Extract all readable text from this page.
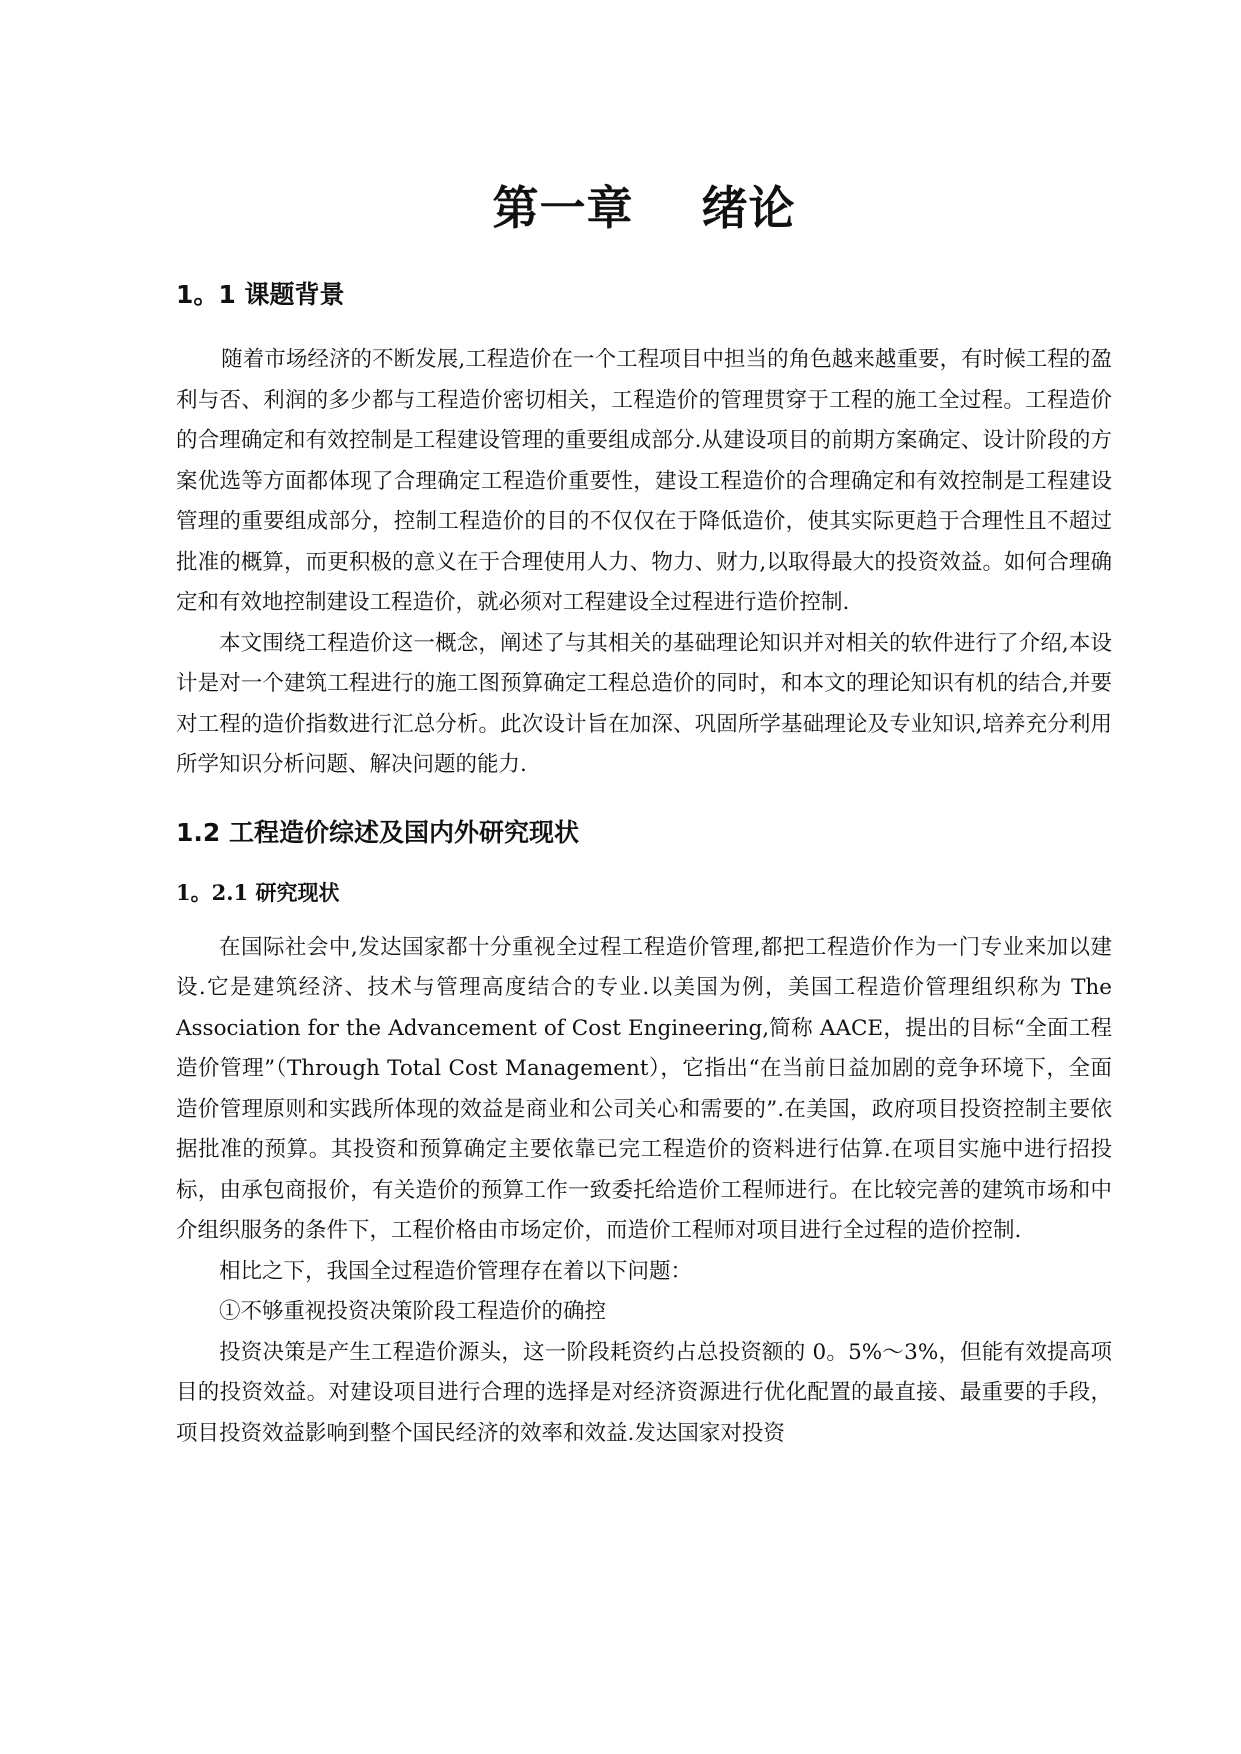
第一章    绪论
1。1 课题背景

随着市场经济的不断发展,工程造价在一个工程项目中担当的角色越来越重要，有时候工程的盈利与否、利润的多少都与工程造价密切相关，工程造价的管理贯穿于工程的施工全过程。工程造价的合理确定和有效控制是工程建设管理的重要组成部分.从建设项目的前期方案确定、设计阶段的方案优选等方面都体现了合理确定工程造价重要性，建设工程造价的合理确定和有效控制是工程建设管理的重要组成部分，控制工程造价的目的不仅仅在于降低造价，使其实际更趋于合理性且不超过批准的概算，而更积极的意义在于合理使用人力、物力、财力,以取得最大的投资效益。如何合理确定和有效地控制建设工程造价，就必须对工程建设全过程进行造价控制.

本文围绕工程造价这一概念，阐述了与其相关的基础理论知识并对相关的软件进行了介绍,本设计是对一个建筑工程进行的施工图预算确定工程总造价的同时，和本文的理论知识有机的结合,并要对工程的造价指数进行汇总分析。此次设计旨在加深、巩固所学基础理论及专业知识,培养充分利用所学知识分析问题、解决问题的能力.

1.2 工程造价综述及国内外研究现状
1。2.1 研究现状

在国际社会中,发达国家都十分重视全过程工程造价管理,都把工程造价作为一门专业来加以建设.它是建筑经济、技术与管理高度结合的专业.以美国为例，美国工程造价管理组织称为 The Association for the Advancement of Cost Engineering,简称 AACE，提出的目标“全面工程造价管理”（Through Total Cost Management），它指出“在当前日益加剧的竞争环境下，全面造价管理原则和实践所体现的效益是商业和公司关心和需要的”.在美国，政府项目投资控制主要依据批准的预算。其投资和预算确定主要依靠已完工程造价的资料进行估算.在项目实施中进行招投标，由承包商报价，有关造价的预算工作一致委托给造价工程师进行。在比较完善的建筑市场和中介组织服务的条件下，工程价格由市场定价，而造价工程师对项目进行全过程的造价控制.

相比之下，我国全过程造价管理存在着以下问题：

①不够重视投资决策阶段工程造价的确控

投资决策是产生工程造价源头，这一阶段耗资约占总投资额的 0。5%～3%，但能有效提高项目的投资效益。对建设项目进行合理的选择是对经济资源进行优化配置的最直接、最重要的手段，项目投资效益影响到整个国民经济的效率和效益.发达国家对投资
